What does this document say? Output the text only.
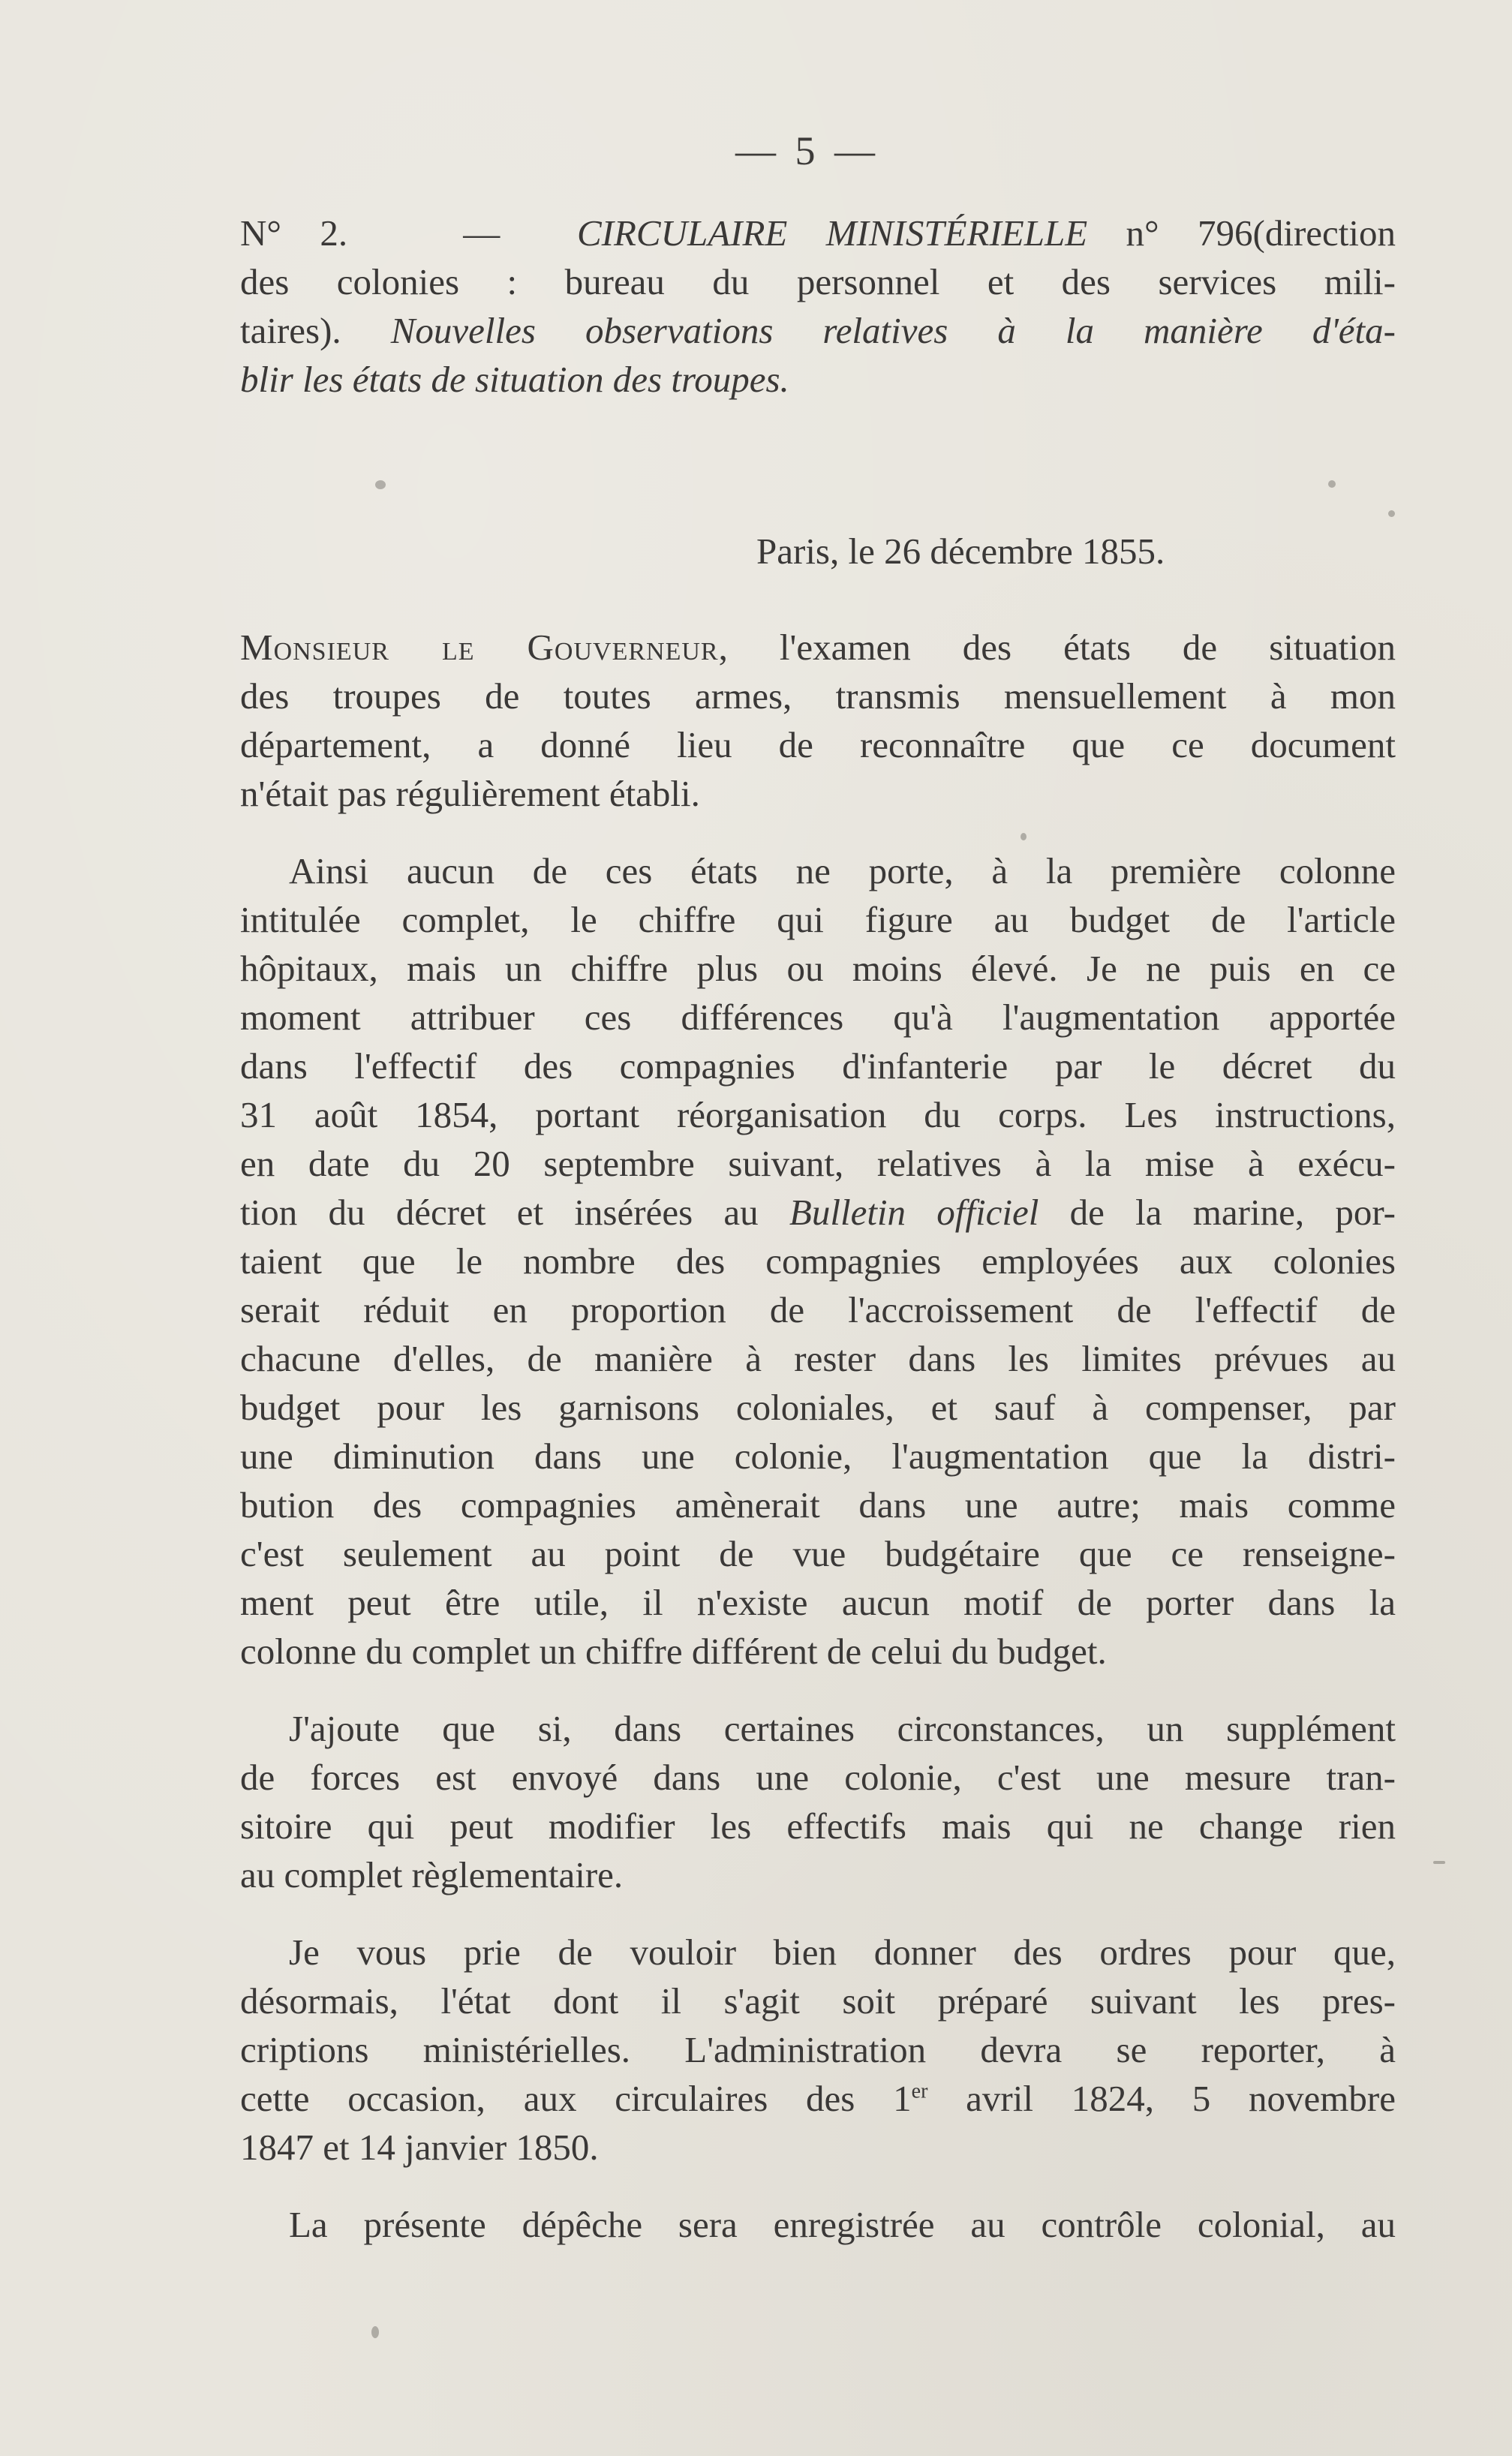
— 5 —
N° 2.	— CIRCULAIRE MINISTÉRIELLE n° 796(direction
des colonies : bureau du personnel et des services mili-
taires). Nouvelles observations relatives à la manière d'éta-
blir les états de situation des troupes.
Paris, le 26 décembre 1855.
Monsieur le Gouverneur, l'examen des états de situation
des troupes de toutes armes, transmis mensuellement à mon
département, a donné lieu de reconnaître que ce document
n'était pas régulièrement établi.
Ainsi aucun de ces états ne porte, à la première colonne
intitulée complet, le chiffre qui figure au budget de l'article
hôpitaux, mais un chiffre plus ou moins élevé. Je ne puis en ce
moment attribuer ces différences qu'à l'augmentation apportée
dans l'effectif des compagnies d'infanterie par le décret du
31 août 1854, portant réorganisation du corps. Les instructions,
en date du 20 septembre suivant, relatives à la mise à exécu-
tion du décret et insérées au Bulletin officiel de la marine, por-
taient que le nombre des compagnies employées aux colonies
serait réduit en proportion de l'accroissement de l'effectif de
chacune d'elles, de manière à rester dans les limites prévues au
budget pour les garnisons coloniales, et sauf à compenser, par
une diminution dans une colonie, l'augmentation que la distri-
bution des compagnies amènerait dans une autre; mais comme
c'est seulement au point de vue budgétaire que ce renseigne-
ment peut être utile, il n'existe aucun motif de porter dans la
colonne du complet un chiffre différent de celui du budget.
J'ajoute que si, dans certaines circonstances, un supplément
de forces est envoyé dans une colonie, c'est une mesure tran-
sitoire qui peut modifier les effectifs mais qui ne change rien
au complet règlementaire.
Je vous prie de vouloir bien donner des ordres pour que,
désormais, l'état dont il s'agit soit préparé suivant les pres-
criptions ministérielles. L'administration devra se reporter, à
cette occasion, aux circulaires des 1er avril 1824, 5 novembre
1847 et 14 janvier 1850.
La présente dépêche sera enregistrée au contrôle colonial, au
